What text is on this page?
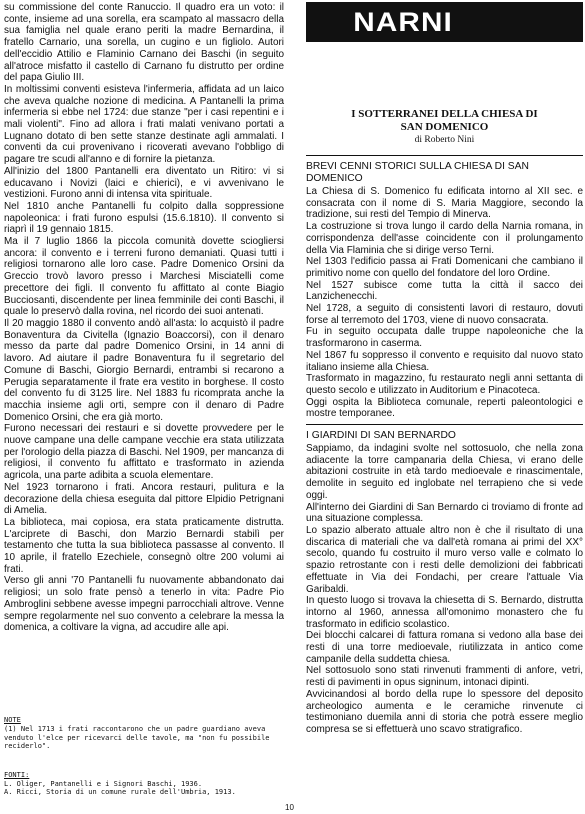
su commissione del conte Ranuccio. Il quadro era un voto: il conte, insieme ad una sorella, era scampato al massacro della sua famiglia nel quale erano periti la madre Bernardina, il fratello Carnario, una sorella, un cugino e un figliolo. Autori dell'eccidio Attilio e Flaminio Carnano dei Baschi (in seguito all'atroce misfatto il castello di Carnano fu distrutto per ordine del papa Giulio III.

In moltissimi conventi esisteva l'infermeria, affidata ad un laico che aveva qualche nozione di medicina. A Pantanelli la prima infermeria si ebbe nel 1724: due stanze "per i casi repentini e i mali violenti". Fino ad allora i frati malati venivano portati a Lugnano dotato di ben sette stanze destinate agli ammalati. I conventi da cui provenivano i ricoverati avevano l'obbligo di pagare tre scudi all'anno e di fornire la pietanza.

All'inizio del 1800 Pantanelli era diventato un Ritiro: vi si educavano i Novizi (laici e chierici), e vi avvenivano le vestizioni. Furono anni di intensa vita spirituale.

Nel 1810 anche Pantanelli fu colpito dalla soppressione napoleonica: i frati furono espulsi (15.6.1810). Il convento si riaprì il 19 gennaio 1815.

Ma il 7 luglio 1866 la piccola comunità dovette sciogliersi ancora: il convento e i terreni furono demaniati. Quasi tutti i religiosi tornarono alle loro case. Padre Domenico Orsini da Greccio trovò lavoro presso i Marchesi Misciatelli come precettore dei figli. Il convento fu affittato al conte Biagio Bucciosanti, discendente per linea femminile dei conti Baschi, il quale lo preservò dalla rovina, nel ricordo dei suoi antenati.

Il 20 maggio 1880 il convento andò all'asta: lo acquistò il padre Bonaventura da Civitella (Ignazio Boaccorsi), con il denaro messo da parte dal padre Domenico Orsini, in 14 anni di lavoro. Ad aiutare il padre Bonaventura fu il segretario del Comune di Baschi, Giorgio Bernardi, entrambi si recarono a Perugia separatamente il frate era vestito in borghese. Il costo del convento fu di 3125 lire. Nel 1883 fu ricomprata anche la macchia insieme agli orti, sempre con il denaro di Padre Domenico Orsini, che era già morto.

Furono necessari dei restauri e si dovette provvedere per le nuove campane una delle campane vecchie era stata utilizzata per l'orologio della piazza di Baschi. Nel 1909, per mancanza di religiosi, il convento fu affittato e trasformato in azienda agricola, una parte adibita a scuola elementare.

Nel 1923 tornarono i frati. Ancora restauri, pulitura e la decorazione della chiesa eseguita dal pittore Elpidio Petrignani di Amelia.

La biblioteca, mai copiosa, era stata praticamente distrutta. L'arciprete di Baschi, don Marzio Bernardi stabilì per testamento che tutta la sua biblioteca passasse al convento. Il 10 aprile, il fratello Ezechiele, consegnò oltre 200 volumi ai frati.

Verso gli anni '70 Pantanelli fu nuovamente abbandonato dai religiosi; un solo frate pensò a tenerlo in vita: Padre Pio Ambroglini sebbene avesse impegni parrocchiali altrove. Venne sempre regolarmente nel suo convento a celebrare la messa la domenica, a coltivare la vigna, ad accudire alle api.

NOTE

(1) Nel 1713 i frati raccontarono che un padre guardiano aveva venduto l'elce per ricevarci delle tavole, ma "non fu possibile reciderlo".

FONTI:

L. Oliger, Pantanelli e i Signori Baschi, 1936.

A. Ricci, Storia di un comune rurale dell'Umbria, 1913.

10
NARNI
I SOTTERRANEI DELLA CHIESA DI
SAN DOMENICO
di Roberto Nini
BREVI CENNI STORICI SULLA CHIESA DI SAN DOMENICO

La Chiesa di S. Domenico fu edificata intorno al XII sec. e consacrata con il nome di S. Maria Maggiore, secondo la tradizione, sui resti del Tempio di Minerva.

La costruzione si trova lungo il cardo della Narnia romana, in corrispondenza dell'asse coincidente con il prolungamento della Via Flaminia che si dirige verso Terni.

Nel 1303 l'edificio passa ai Frati Domenicani che cambiano il primitivo nome con quello del fondatore del loro Ordine.

Nel 1527 subisce come tutta la città il sacco dei Lanzichenecchi.

Nel 1728, a seguito di consistenti lavori di restauro, dovuti forse al terremoto del 1703, viene di nuovo consacrata.

Fu in seguito occupata dalle truppe napoleoniche che la trasformarono in caserma.

Nel 1867 fu soppresso il convento e requisito dal nuovo stato italiano insieme alla Chiesa.

Trasformato in magazzino, fu restaurato negli anni settanta di questo secolo e utilizzato in Auditorium e Pinacoteca.

Oggi ospita la Biblioteca comunale, reperti paleontologici e mostre temporanee.

I GIARDINI DI SAN BERNARDO

Sappiamo, da indagini svolte nel sottosuolo, che nella zona adiacente la torre campanaria della Chiesa, vi erano delle abitazioni costruite in età tardo medioevale e rinascimentale, demolite in seguito ed inglobate nel terrapieno che si vede oggi.

All'interno dei Giardini di San Bernardo ci troviamo di fronte ad una situazione complessa.

Lo spazio alberato attuale altro non è che il risultato di una discarica di materiali che va dall'età romana ai primi del XX° secolo, quando fu costruito il muro verso valle e colmato lo spazio retrostante con i resti delle demolizioni dei fabbricati effettuate in Via dei Fondachi, per creare l'attuale Via Garibaldi.

In questo luogo si trovava la chiesetta di S. Bernardo, distrutta intorno al 1960, annessa all'omonimo monastero che fu trasformato in edificio scolastico.

Dei blocchi calcarei di fattura romana si vedono alla base dei resti di una torre medioevale, riutilizzata in antico come campanile della suddetta chiesa.

Nel sottosuolo sono stati rinvenuti frammenti di anfore, vetri, resti di pavimenti in opus signinum, intonaci dipinti.

Avvicinandosi al bordo della rupe lo spessore del deposito archeologico aumenta e le ceramiche rinvenute ci testimoniano duemila anni di storia che potrà essere meglio compresa se si effettuerà uno scavo stratigrafico.
